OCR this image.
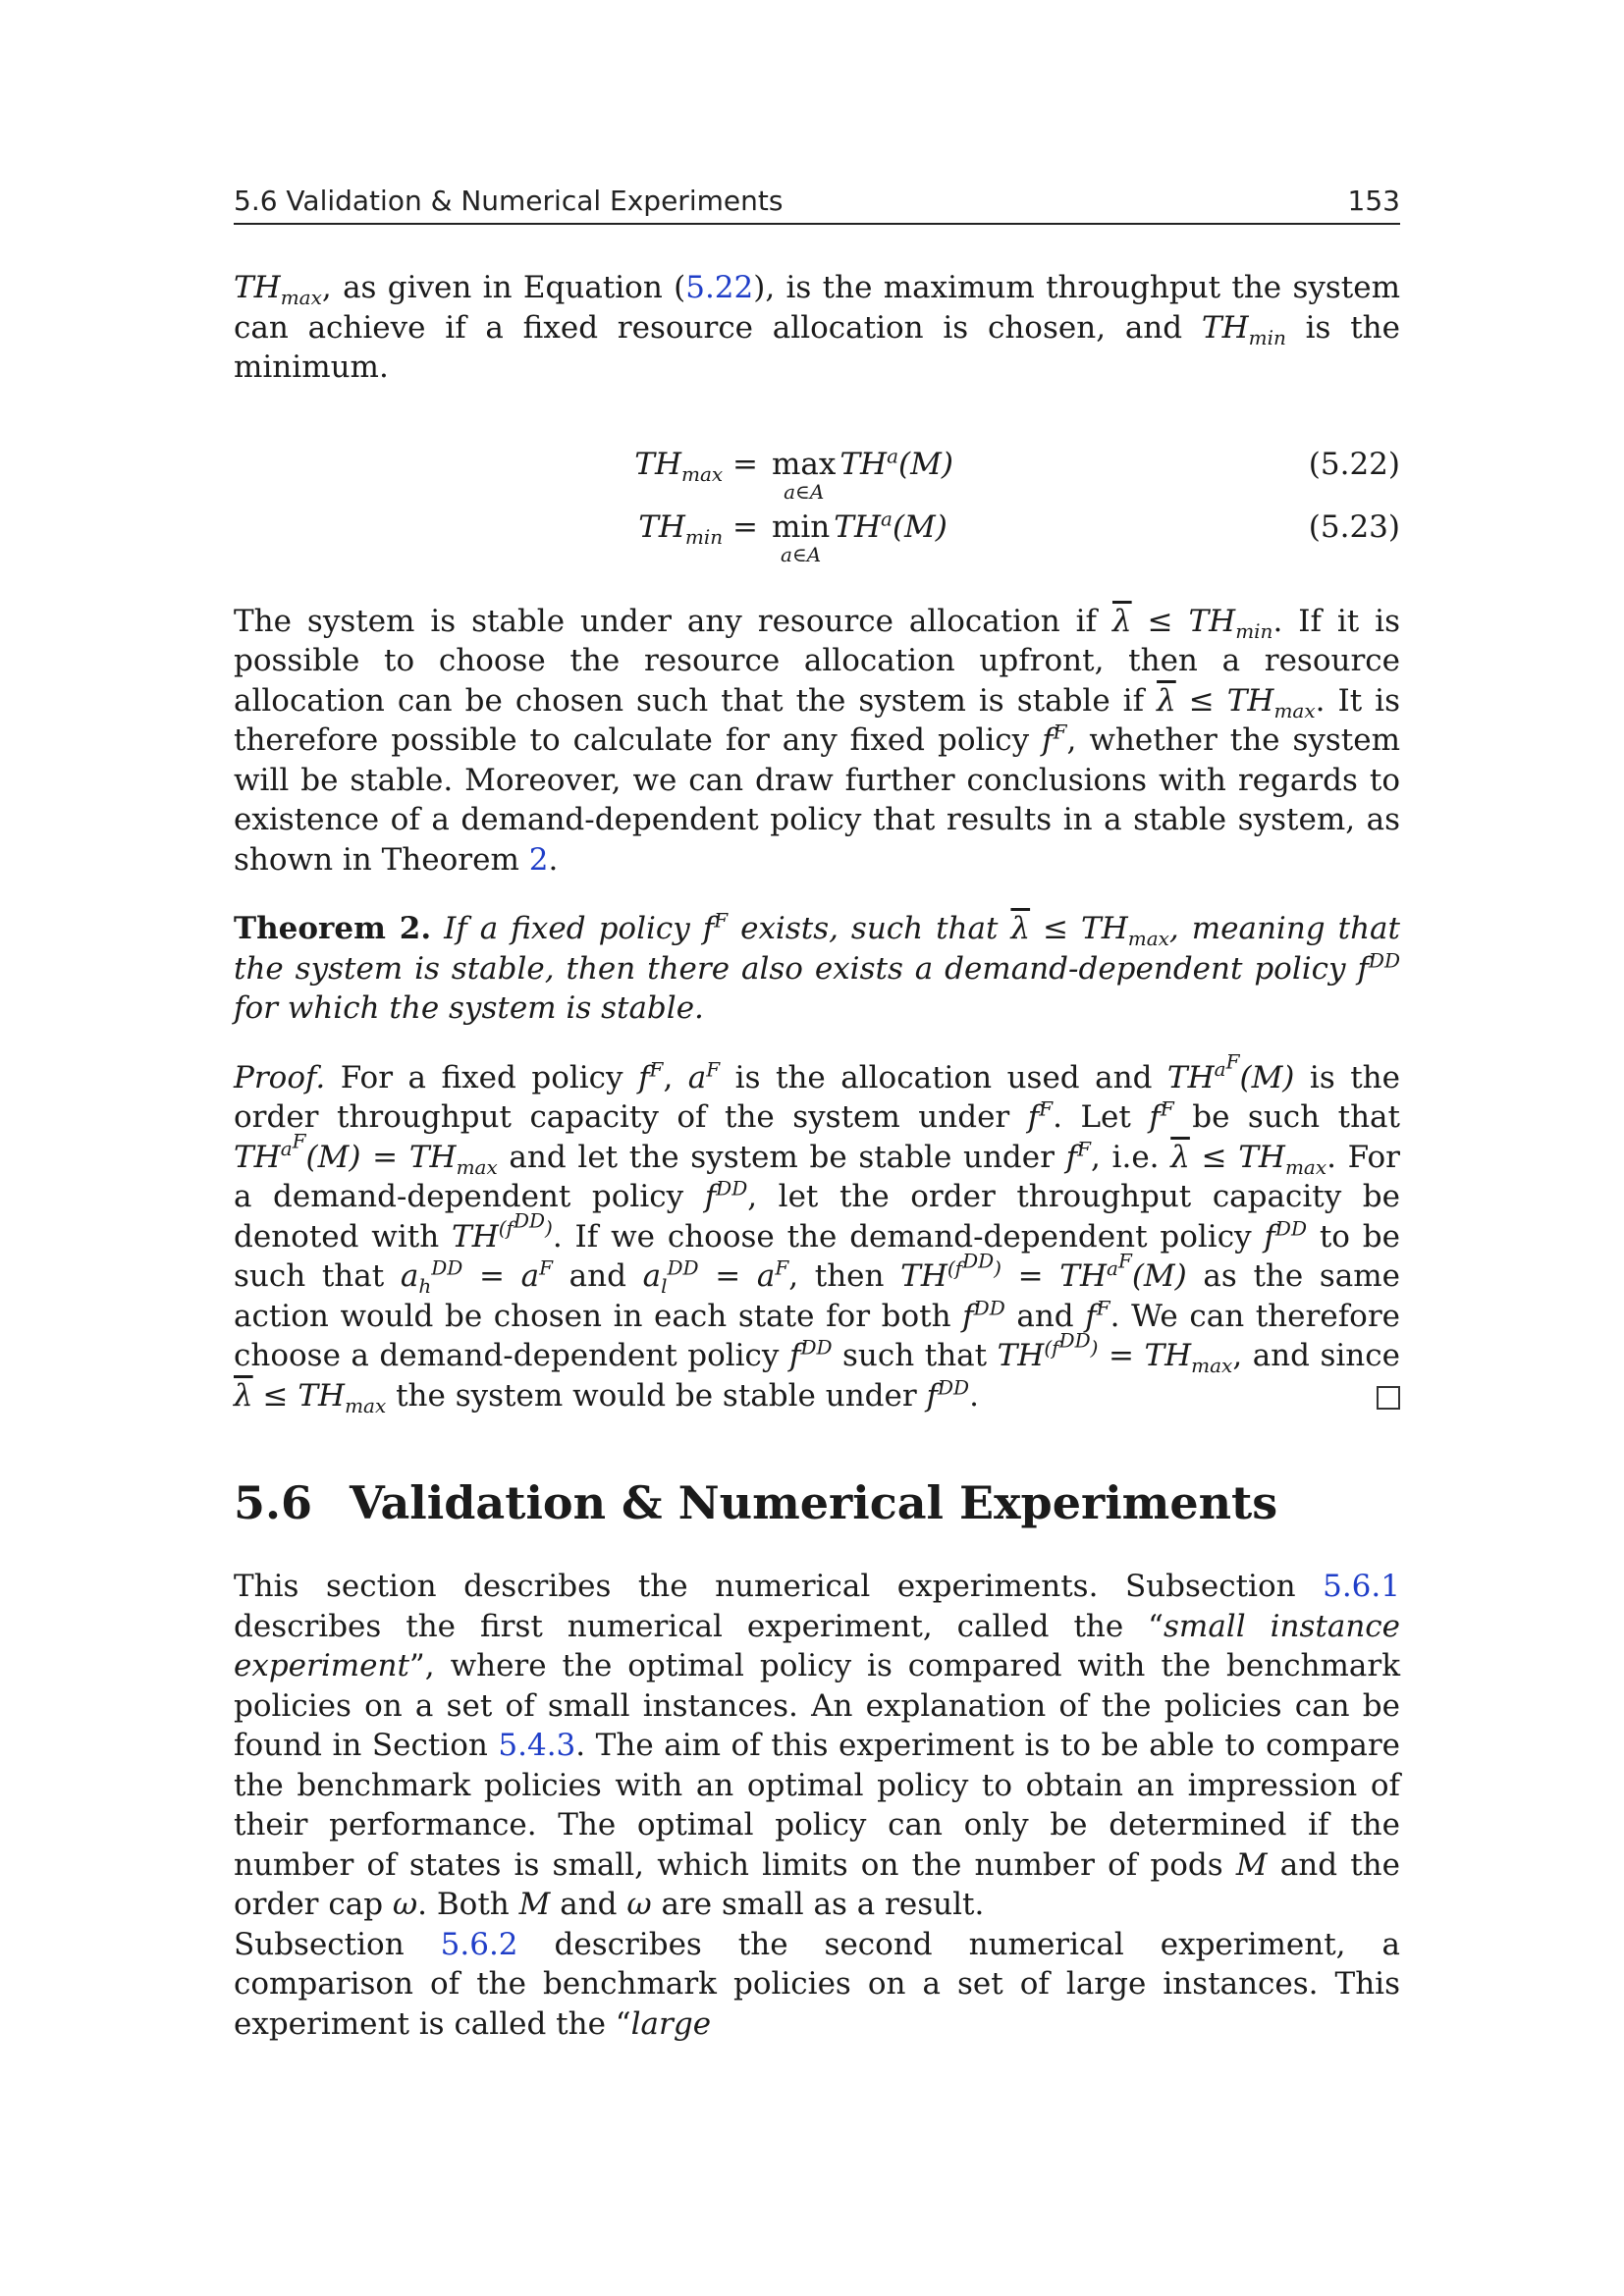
5.6 Validation & Numerical Experiments	153

$TH_{max}$, as given in Equation (5.22), is the maximum throughput the system can achieve if a fixed resource allocation is chosen, and $TH_{min}$ is the minimum.

$TH_{max} = \max$
a∈A
$TH^a(M)$	(5.22)
$TH_{min} = \min$
a∈A
$TH^a(M)$	(5.23)

The system is stable under any resource allocation if $\overline{\lambda} \le TH_{min}$. If it is possible to choose the resource allocation upfront, then a resource allocation can be chosen such that the system is stable if $\overline{\lambda} \le TH_{max}$. It is therefore possible to calculate for any fixed policy $f^F$, whether the system will be stable. Moreover, we can draw further conclusions with regards to existence of a demand-dependent policy that results in a stable system, as shown in Theorem 2.

Theorem 2. If a fixed policy $f^F$ exists, such that $\overline{\lambda} \le TH_{max}$, meaning that the system is stable, then there also exists a demand-dependent policy $f^{DD}$ for which the system is stable.

Proof. For a fixed policy $f^F$, $a^F$ is the allocation used and $TH^{a^F}(M)$ is the order throughput capacity of the system under $f^F$. Let $f^F$ be such that $TH^{a^F}(M) = TH_{max}$ and let the system be stable under $f^F$, i.e. $\overline{\lambda} \le TH_{max}$. For a demand-dependent policy $f^{DD}$, let the order throughput capacity be denoted with $TH^{(f^{DD})}$. If we choose the demand-dependent policy $f^{DD}$ to be such that $a_h^{DD} = a^F$ and $a_l^{DD} = a^F$, then $TH^{(f^{DD})} = TH^{a^F}(M)$ as the same action would be chosen in each state for both $f^{DD}$ and $f^F$. We can therefore choose a demand-dependent policy $f^{DD}$ such that $TH^{(f^{DD})} = TH_{max}$, and since $\overline{\lambda} \le TH_{max}$ the system would be stable under $f^{DD}$.

5.6 Validation & Numerical Experiments

This section describes the numerical experiments. Subsection 5.6.1 describes the first numerical experiment, called the “small instance experiment”, where the optimal policy is compared with the benchmark policies on a set of small instances. An explanation of the policies can be found in Section 5.4.3. The aim of this experiment is to be able to compare the benchmark policies with an optimal policy to obtain an impression of their performance. The optimal policy can only be determined if the number of states is small, which limits on the number of pods M and the order cap ω. Both M and ω are small as a result.

Subsection 5.6.2 describes the second numerical experiment, a comparison of the benchmark policies on a set of large instances. This experiment is called the “large
